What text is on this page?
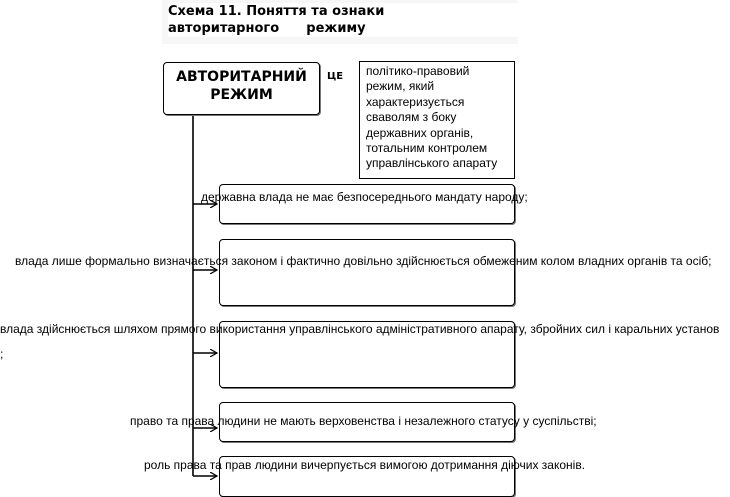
Схема 11. Поняття та ознаки
авторитарного      режиму
АВТОРИТАРНИЙ
РЕЖИМ
ЦЕ	політико-правовий режим, який характеризується сваволям з боку державних органів, тотальним контролем управлінського апарату
державна влада не має безпосереднього мандату народу;
влада лише формально визначається законом і фактично довільно здійснюється обмеженим колом владних органів та осіб;
влада здійснюється шляхом прямого використання управлінського адміністративного апарату, збройних сил і каральних установ
;
право та права людини не мають верховенства і незалежного статусу у суспільстві;
роль права та прав людини вичерпується вимогою дотримання діючих законів.
